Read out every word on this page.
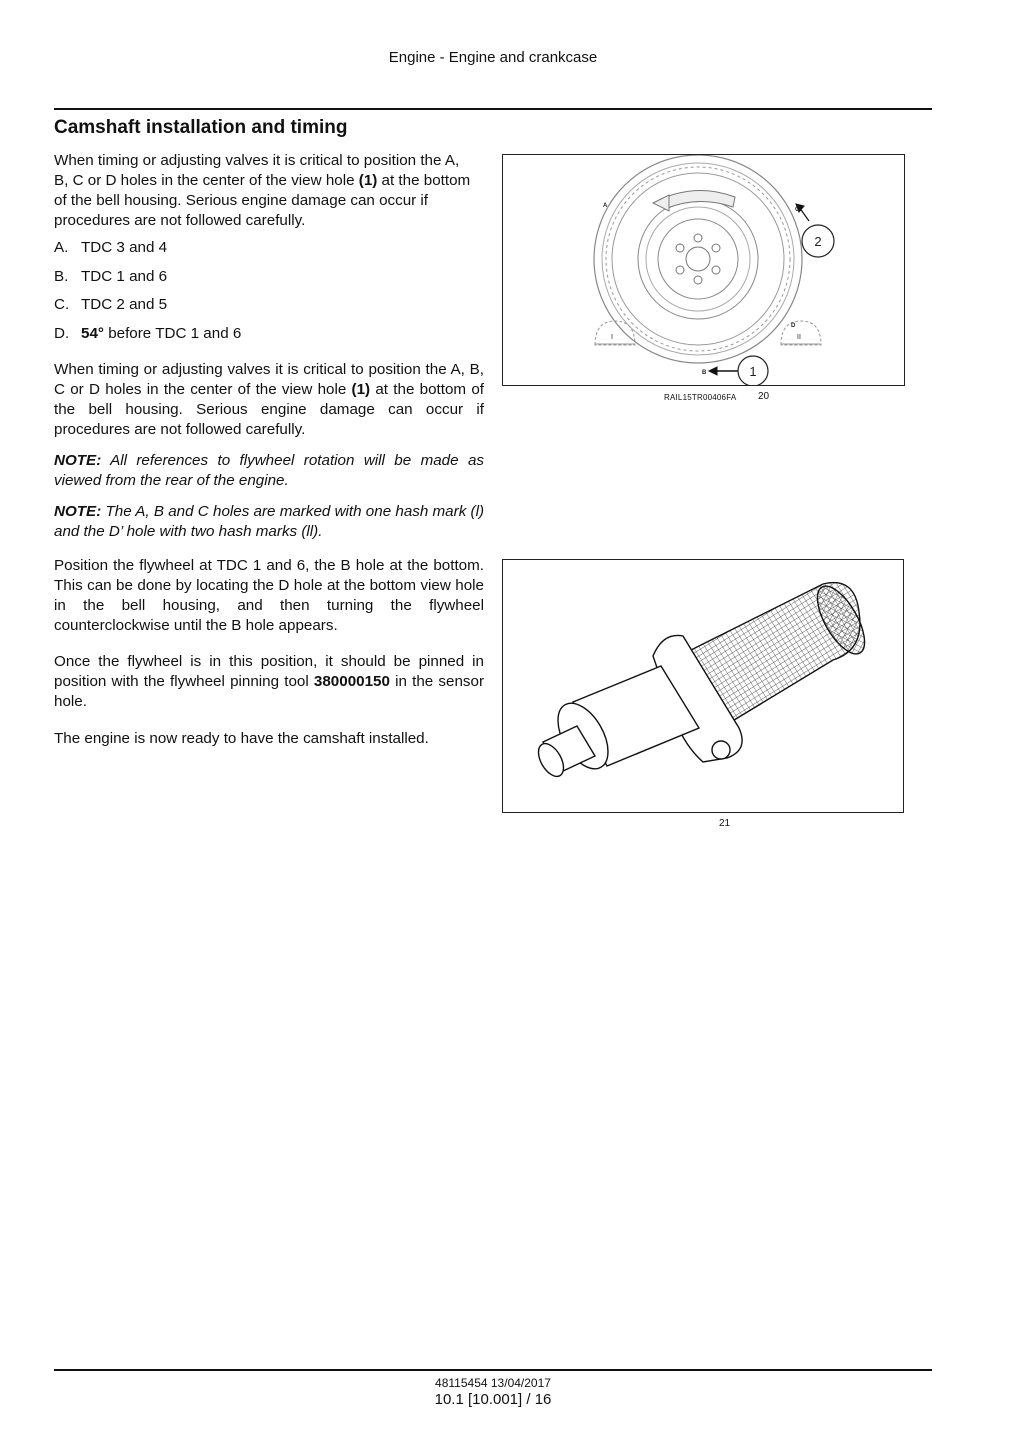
Engine - Engine and crankcase
Camshaft installation and timing
When timing or adjusting valves it is critical to position the A, B, C or D holes in the center of the view hole (1) at the bottom of the bell housing. Serious engine damage can occur if procedures are not followed carefully.
A. TDC 3 and 4
B. TDC 1 and 6
C. TDC 2 and 5
D. 54° before TDC 1 and 6
When timing or adjusting valves it is critical to position the A, B, C or D holes in the center of the view hole (1) at the bottom of the bell housing. Serious engine damage can occur if procedures are not followed carefully.
NOTE: All references to flywheel rotation will be made as viewed from the rear of the engine.
NOTE: The A, B and C holes are marked with one hash mark (l) and the D’ hole with two hash marks (ll).
Position the flywheel at TDC 1 and 6, the B hole at the bottom. This can be done by locating the D hole at the bottom view hole in the bell housing, and then turning the flywheel counterclockwise until the B hole appears.
Once the flywheel is in this position, it should be pinned in position with the flywheel pinning tool 380000150 in the sensor hole.
The engine is now ready to have the camshaft installed.
1
2
A
B
C
D
I	II
RAIL15TR00406FA 20
21
48115454 13/04/2017
10.1 [10.001] / 16
